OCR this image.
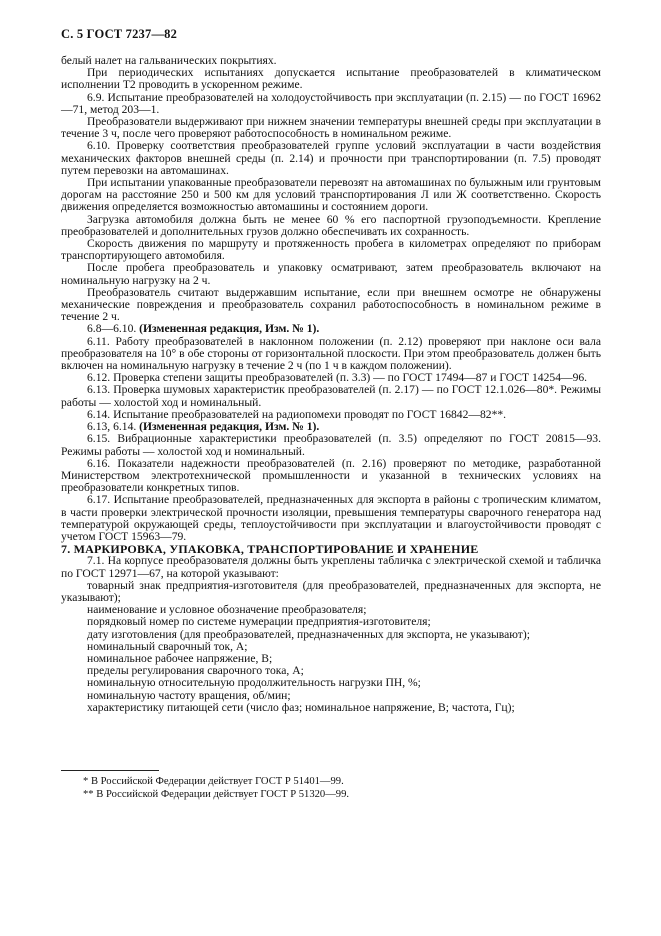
С. 5 ГОСТ 7237—82

белый налет на гальванических покрытиях.

При периодических испытаниях допускается испытание преобразователей в климатическом исполнении Т2 проводить в ускоренном режиме.

6.9. Испытание преобразователей на холодоустойчивость при эксплуатации (п. 2.15) — по ГОСТ 16962—71, метод 203—1.

Преобразователи выдерживают при нижнем значении температуры внешней среды при эксплуатации в течение 3 ч, после чего проверяют работоспособность в номинальном режиме.

6.10. Проверку соответствия преобразователей группе условий эксплуатации в части воздействия механических факторов внешней среды (п. 2.14) и прочности при транспортировании (п. 7.5) проводят путем перевозки на автомашинах.

При испытании упакованные преобразователи перевозят на автомашинах по булыжным или грунтовым дорогам на расстояние 250 и 500 км для условий транспортирования Л или Ж соответственно. Скорость движения определяется возможностью автомашины и состоянием дороги.

Загрузка автомобиля должна быть не менее 60 % его паспортной грузоподъемности. Крепление преобразователей и дополнительных грузов должно обеспечивать их сохранность.

Скорость движения по маршруту и протяженность пробега в километрах определяют по приборам транспортирующего автомобиля.

После пробега преобразователь и упаковку осматривают, затем преобразователь включают на номинальную нагрузку на 2 ч.

Преобразователь считают выдержавшим испытание, если при внешнем осмотре не обнаружены механические повреждения и преобразователь сохранил работоспособность в номинальном режиме в течение 2 ч.

6.8—6.10. (Измененная редакция, Изм. № 1).

6.11. Работу преобразователей в наклонном положении (п. 2.12) проверяют при наклоне оси вала преобразователя на 10° в обе стороны от горизонтальной плоскости. При этом преобразователь должен быть включен на номинальную нагрузку в течение 2 ч (по 1 ч в каждом положении).

6.12. Проверка степени защиты преобразователей (п. 3.3) — по ГОСТ 17494—87 и ГОСТ 14254—96.

6.13. Проверка шумовых характеристик преобразователей (п. 2.17) — по ГОСТ 12.1.026—80*. Режимы работы — холостой ход и номинальный.

6.14. Испытание преобразователей на радиопомехи проводят по ГОСТ 16842—82**.

6.13, 6.14. (Измененная редакция, Изм. № 1).

6.15. Вибрационные характеристики преобразователей (п. 3.5) определяют по ГОСТ 20815—93. Режимы работы — холостой ход и номинальный.

6.16. Показатели надежности преобразователей (п. 2.16) проверяют по методике, разработанной Министерством электротехнической промышленности и указанной в технических условиях на преобразователи конкретных типов.

6.17. Испытание преобразователей, предназначенных для экспорта в районы с тропическим климатом, в части проверки электрической прочности изоляции, превышения температуры сварочного генератора над температурой окружающей среды, теплоустойчивости при эксплуатации и влагоустойчивости проводят с учетом ГОСТ 15963—79.

7. МАРКИРОВКА, УПАКОВКА, ТРАНСПОРТИРОВАНИЕ И ХРАНЕНИЕ

7.1. На корпусе преобразователя должны быть укреплены табличка с электрической схемой и табличка по ГОСТ 12971—67, на которой указывают:

товарный знак предприятия-изготовителя (для преобразователей, предназначенных для экспорта, не указывают);

наименование и условное обозначение преобразователя;

порядковый номер по системе нумерации предприятия-изготовителя;

дату изготовления (для преобразователей, предназначенных для экспорта, не указывают);

номинальный сварочный ток, А;

номинальное рабочее напряжение, В;

пределы регулирования сварочного тока, А;

номинальную относительную продолжительность нагрузки ПН, %;

номинальную частоту вращения, об/мин;

характеристику питающей сети (число фаз; номинальное напряжение, В; частота, Гц);

* В Российской Федерации действует ГОСТ Р 51401—99.
** В Российской Федерации действует ГОСТ Р 51320—99.
